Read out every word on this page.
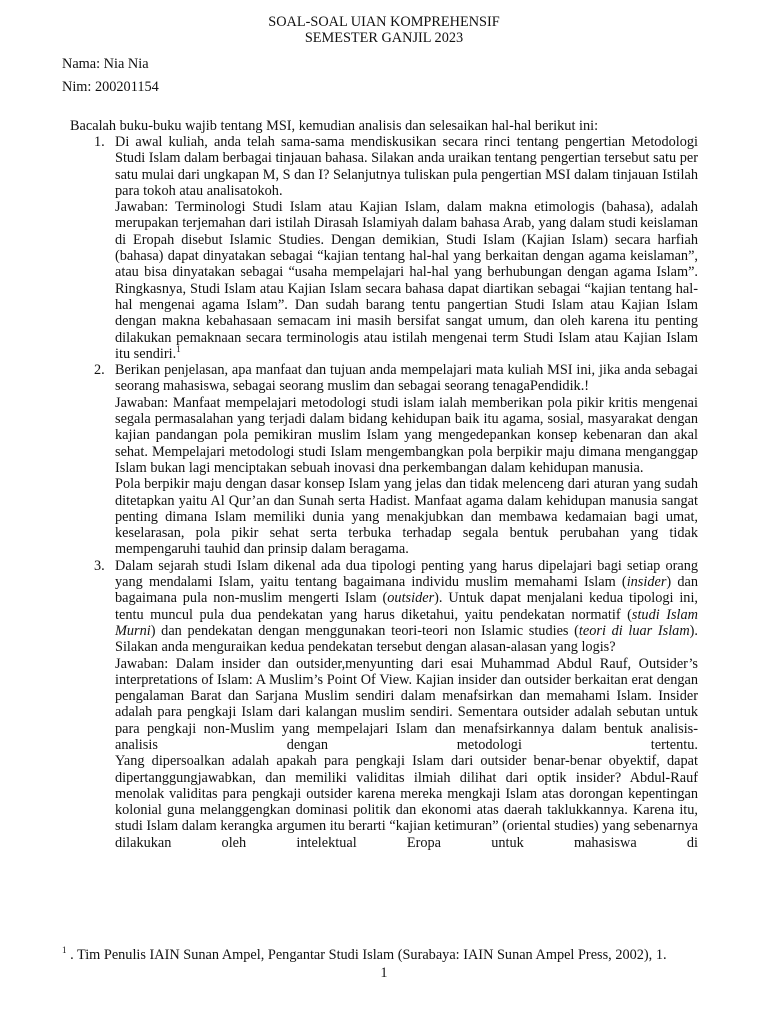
SOAL-SOAL UIAN KOMPREHENSIF
SEMESTER GANJIL 2023
Nama: Nia Nia
Nim: 200201154
Bacalah buku-buku wajib tentang MSI, kemudian analisis dan selesaikan hal-hal berikut ini:
1. Di awal kuliah, anda telah sama-sama mendiskusikan secara rinci tentang pengertian Metodologi Studi Islam dalam berbagai tinjauan bahasa. Silakan anda uraikan tentang pengertian tersebut satu per satu mulai dari ungkapan M, S dan I? Selanjutnya tuliskan pula pengertian MSI dalam tinjauan Istilah para tokoh atau analisatokoh.

Jawaban: Terminologi Studi Islam atau Kajian Islam, dalam makna etimologis (bahasa), adalah merupakan terjemahan dari istilah Dirasah Islamiyah dalam bahasa Arab, yang dalam studi keislaman di Eropah disebut Islamic Studies. Dengan demikian, Studi Islam (Kajian Islam) secara harfiah (bahasa) dapat dinyatakan sebagai “kajian tentang hal-hal yang berkaitan dengan agama keislaman”, atau bisa dinyatakan sebagai “usaha mempelajari hal-hal yang berhubungan dengan agama Islam”. Ringkasnya, Studi Islam atau Kajian Islam secara bahasa dapat diartikan sebagai “kajian tentang hal-hal mengenai agama Islam”. Dan sudah barang tentu pangertian Studi Islam atau Kajian Islam dengan makna kebahasaan semacam ini masih bersifat sangat umum, dan oleh karena itu penting dilakukan pemaknaan secara terminologis atau istilah mengenai term Studi Islam atau Kajian Islam itu sendiri.$^1$

2. Berikan penjelasan, apa manfaat dan tujuan anda mempelajari mata kuliah MSI ini, jika anda sebagai seorang mahasiswa, sebagai seorang muslim dan sebagai seorang tenagaPendidik.!

Jawaban: Manfaat mempelajari metodologi studi islam ialah memberikan pola pikir kritis mengenai segala permasalahan yang terjadi dalam bidang kehidupan baik itu agama, sosial, masyarakat dengan kajian pandangan pola pemikiran muslim Islam yang mengedepankan konsep kebenaran dan akal sehat. Mempelajari metodologi studi Islam mengembangkan pola berpikir maju dimana menganggap Islam bukan lagi menciptakan sebuah inovasi dna perkembangan dalam kehidupan manusia.

Pola berpikir maju dengan dasar konsep Islam yang jelas dan tidak melenceng dari aturan yang sudah ditetapkan yaitu Al Qur’an dan Sunah serta Hadist. Manfaat agama dalam kehidupan manusia sangat penting dimana Islam memiliki dunia yang menakjubkan dan membawa kedamaian bagi umat, keselarasan, pola pikir sehat serta terbuka terhadap segala bentuk perubahan yang tidak mempengaruhi tauhid dan prinsip dalam beragama.

3. Dalam sejarah studi Islam dikenal ada dua tipologi penting yang harus dipelajari bagi setiap orang yang mendalami Islam, yaitu tentang bagaimana individu muslim memahami Islam (insider) dan bagaimana pula non-muslim mengerti Islam (outsider). Untuk dapat menjalani kedua tipologi ini, tentu muncul pula dua pendekatan yang harus diketahui, yaitu pendekatan normatif (studi Islam Murni) dan pendekatan dengan menggunakan teori-teori non Islamic studies (teori di luar Islam). Silakan anda menguraikan kedua pendekatan tersebut dengan alasan-alasan yang logis?

Jawaban: Dalam insider dan outsider,menyunting dari esai Muhammad Abdul Rauf, Outsider’s interpretations of Islam: A Muslim’s Point Of View. Kajian insider dan outsider berkaitan erat dengan pengalaman Barat dan Sarjana Muslim sendiri dalam menafsirkan dan memahami Islam. Insider adalah para pengkaji Islam dari kalangan muslim sendiri. Sementara outsider adalah sebutan untuk para pengkaji non-Muslim yang mempelajari Islam dan menafsirkannya dalam bentuk analisis-analisis dengan metodologi tertentu.

Yang dipersoalkan adalah apakah para pengkaji Islam dari outsider benar-benar obyektif, dapat dipertanggungjawabkan, dan memiliki validitas ilmiah dilihat dari optik insider? Abdul-Rauf menolak validitas para pengkaji outsider karena mereka mengkaji Islam atas dorongan kepentingan kolonial guna melanggengkan dominasi politik dan ekonomi atas daerah taklukkannya. Karena itu, studi Islam dalam kerangka argumen itu berarti “kajian ketimuran” (oriental studies) yang sebenarnya dilakukan oleh intelektual Eropa untuk mahasiswa di

$^1$ . Tim Penulis IAIN Sunan Ampel, Pengantar Studi Islam (Surabaya: IAIN Sunan Ampel Press, 2002), 1.
1
